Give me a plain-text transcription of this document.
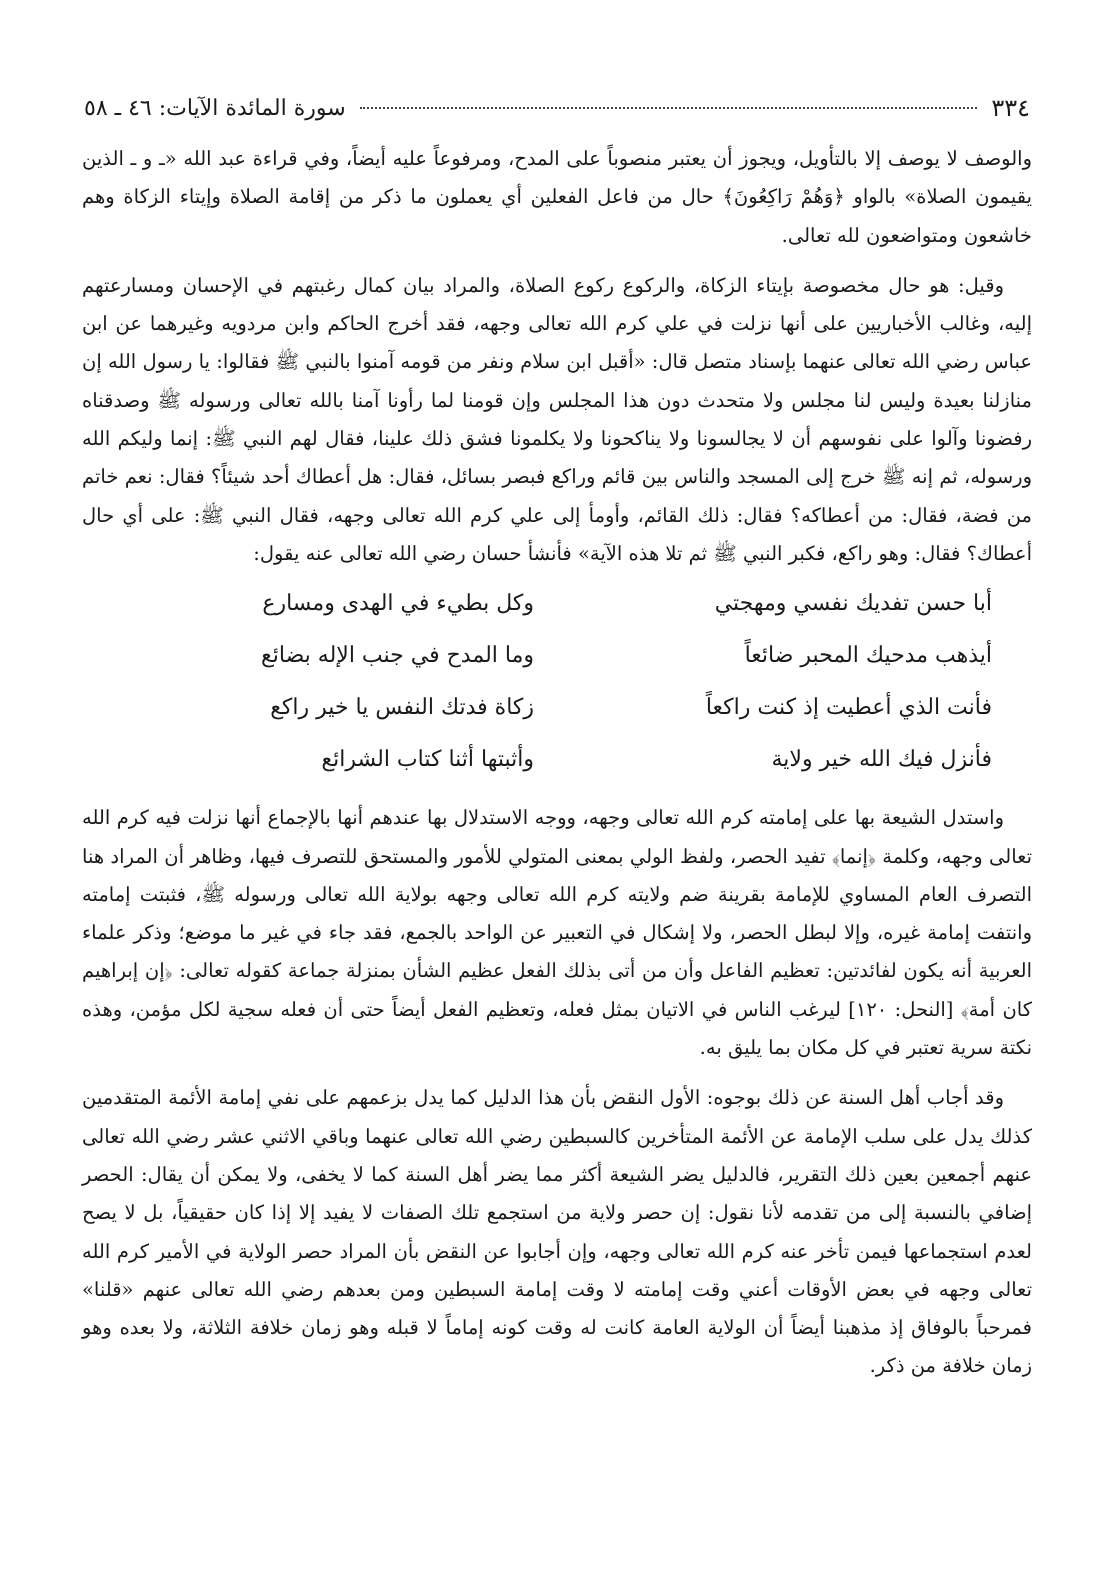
٣٣٤
سورة المائدة الآيات: ٤٦ ـ ٥٨

والوصف لا يوصف إلا بالتأويل، ويجوز أن يعتبر منصوباً على المدح، ومرفوعاً عليه أيضاً، وفي قراءة عبد الله «ـ و ـ الذين يقيمون الصلاة» بالواو ﴿وَهُمْ رَاكِعُونَ﴾ حال من فاعل الفعلين أي يعملون ما ذكر من إقامة الصلاة وإيتاء الزكاة وهم خاشعون ومتواضعون لله تعالى.

وقيل: هو حال مخصوصة بإيتاء الزكاة، والركوع ركوع الصلاة، والمراد بيان كمال رغبتهم في الإحسان ومسارعتهم إليه، وغالب الأخباريين على أنها نزلت في علي كرم الله تعالى وجهه، فقد أخرج الحاكم وابن مردويه وغيرهما عن ابن عباس رضي الله تعالى عنهما بإسناد متصل قال: «أقبل ابن سلام ونفر من قومه آمنوا بالنبي ﷺ فقالوا: يا رسول الله إن منازلنا بعيدة وليس لنا مجلس ولا متحدث دون هذا المجلس وإن قومنا لما رأونا آمنا بالله تعالى ورسوله ﷺ وصدقناه رفضونا وآلوا على نفوسهم أن لا يجالسونا ولا يناكحونا ولا يكلمونا فشق ذلك علينا، فقال لهم النبي ﷺ: إنما وليكم الله ورسوله، ثم إنه ﷺ خرج إلى المسجد والناس بين قائم وراكع فبصر بسائل، فقال: هل أعطاك أحد شيئاً؟ فقال: نعم خاتم من فضة، فقال: من أعطاكه؟ فقال: ذلك القائم، وأومأ إلى علي كرم الله تعالى وجهه، فقال النبي ﷺ: على أي حال أعطاك؟ فقال: وهو راكع، فكبر النبي ﷺ ثم تلا هذه الآية» فأنشأ حسان رضي الله تعالى عنه يقول:

أبا حسن تفديك نفسي ومهجتي
وكل بطيء في الهدى ومسارع
أيذهب مدحيك المحبر ضائعاً
وما المدح في جنب الإله بضائع
فأنت الذي أعطيت إذ كنت راكعاً
زكاة فدتك النفس يا خير راكع
فأنزل فيك الله خير ولاية
وأثبتها أثنا كتاب الشرائع

واستدل الشيعة بها على إمامته كرم الله تعالى وجهه، ووجه الاستدلال بها عندهم أنها بالإجماع أنها نزلت فيه كرم الله تعالى وجهه، وكلمة ﴿إنما﴾ تفيد الحصر، ولفظ الولي بمعنى المتولي للأمور والمستحق للتصرف فيها، وظاهر أن المراد هنا التصرف العام المساوي للإمامة بقرينة ضم ولايته كرم الله تعالى وجهه بولاية الله تعالى ورسوله ﷺ، فثبتت إمامته وانتفت إمامة غيره، وإلا لبطل الحصر، ولا إشكال في التعبير عن الواحد بالجمع، فقد جاء في غير ما موضع؛ وذكر علماء العربية أنه يكون لفائدتين: تعظيم الفاعل وأن من أتى بذلك الفعل عظيم الشأن بمنزلة جماعة كقوله تعالى: ﴿إن إبراهيم كان أمة﴾ [النحل: ١٢٠] ليرغب الناس في الاتيان بمثل فعله، وتعظيم الفعل أيضاً حتى أن فعله سجية لكل مؤمن، وهذه نكتة سرية تعتبر في كل مكان بما يليق به.

وقد أجاب أهل السنة عن ذلك بوجوه: الأول النقض بأن هذا الدليل كما يدل بزعمهم على نفي إمامة الأئمة المتقدمين كذلك يدل على سلب الإمامة عن الأئمة المتأخرين كالسبطين رضي الله تعالى عنهما وباقي الاثني عشر رضي الله تعالى عنهم أجمعين بعين ذلك التقرير، فالدليل يضر الشيعة أكثر مما يضر أهل السنة كما لا يخفى، ولا يمكن أن يقال: الحصر إضافي بالنسبة إلى من تقدمه لأنا نقول: إن حصر ولاية من استجمع تلك الصفات لا يفيد إلا إذا كان حقيقياً، بل لا يصح لعدم استجماعها فيمن تأخر عنه كرم الله تعالى وجهه، وإن أجابوا عن النقض بأن المراد حصر الولاية في الأمير كرم الله تعالى وجهه في بعض الأوقات أعني وقت إمامته لا وقت إمامة السبطين ومن بعدهم رضي الله تعالى عنهم «قلنا» فمرحباً بالوفاق إذ مذهبنا أيضاً أن الولاية العامة كانت له وقت كونه إماماً لا قبله وهو زمان خلافة الثلاثة، ولا بعده وهو زمان خلافة من ذكر.
